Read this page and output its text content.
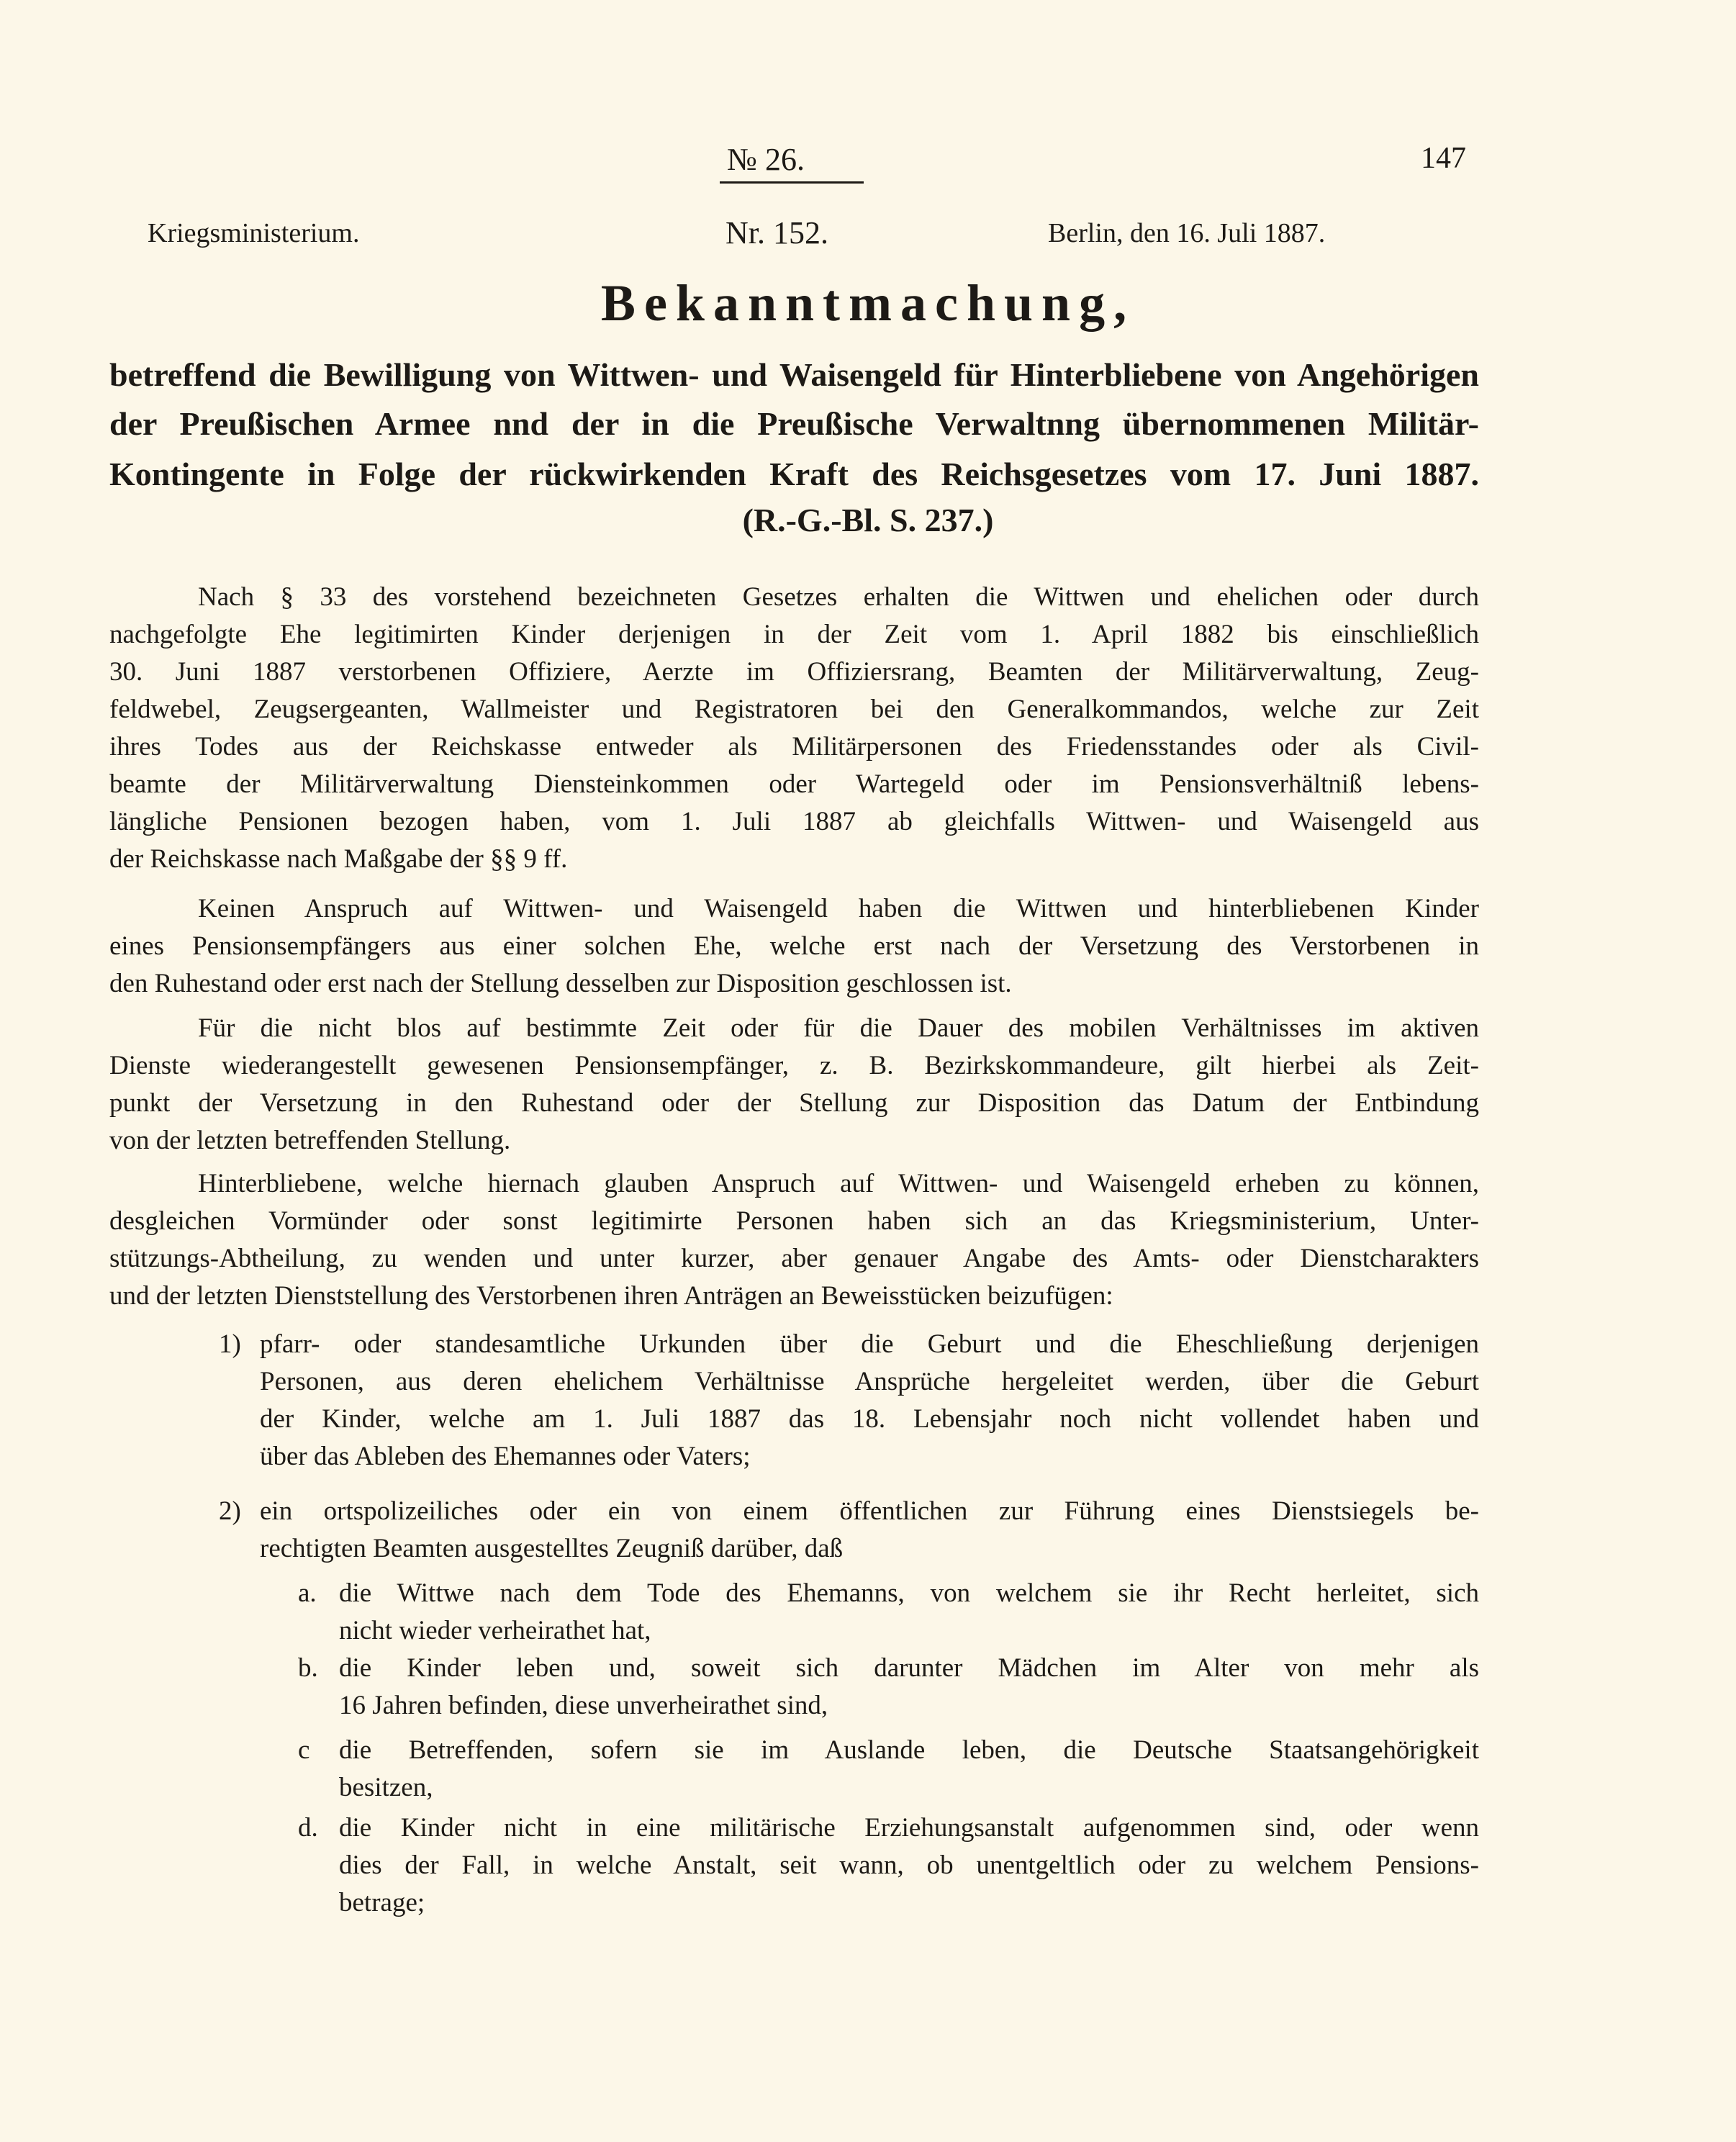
№ 26.	147
Kriegsministerium.	Nr. 152.	Berlin, den 16. Juli 1887.
Bekanntmachung,
betreffend die Bewilligung von Wittwen- und Waisengeld für Hinterbliebene von Angehörigen
der Preußischen Armee nnd der in die Preußische Verwaltnng übernommenen Militär-
Kontingente in Folge der rückwirkenden Kraft des Reichsgesetzes vom 17. Juni 1887.
(R.-G.-Bl. S. 237.)
Nach § 33 des vorstehend bezeichneten Gesetzes erhalten die Wittwen und ehelichen oder durch
nachgefolgte Ehe legitimirten Kinder derjenigen in der Zeit vom 1. April 1882 bis einschließlich
30. Juni 1887 verstorbenen Offiziere, Aerzte im Offiziersrang, Beamten der Militärverwaltung, Zeug-
feldwebel, Zeugsergeanten, Wallmeister und Registratoren bei den Generalkommandos, welche zur Zeit
ihres Todes aus der Reichskasse entweder als Militärpersonen des Friedensstandes oder als Civil-
beamte der Militärverwaltung Diensteinkommen oder Wartegeld oder im Pensionsverhältniß lebens-
längliche Pensionen bezogen haben, vom 1. Juli 1887 ab gleichfalls Wittwen- und Waisengeld aus
der Reichskasse nach Maßgabe der §§ 9 ff.
Keinen Anspruch auf Wittwen- und Waisengeld haben die Wittwen und hinterbliebenen Kinder
eines Pensionsempfängers aus einer solchen Ehe, welche erst nach der Versetzung des Verstorbenen in
den Ruhestand oder erst nach der Stellung desselben zur Disposition geschlossen ist.
Für die nicht blos auf bestimmte Zeit oder für die Dauer des mobilen Verhältnisses im aktiven
Dienste wiederangestellt gewesenen Pensionsempfänger, z. B. Bezirkskommandeure, gilt hierbei als Zeit-
punkt der Versetzung in den Ruhestand oder der Stellung zur Disposition das Datum der Entbindung
von der letzten betreffenden Stellung.
Hinterbliebene, welche hiernach glauben Anspruch auf Wittwen- und Waisengeld erheben zu können,
desgleichen Vormünder oder sonst legitimirte Personen haben sich an das Kriegsministerium, Unter-
stützungs-Abtheilung, zu wenden und unter kurzer, aber genauer Angabe des Amts- oder Dienstcharakters
und der letzten Dienststellung des Verstorbenen ihren Anträgen an Beweisstücken beizufügen:
1) pfarr- oder standesamtliche Urkunden über die Geburt und die Eheschließung derjenigen
Personen, aus deren ehelichem Verhältnisse Ansprüche hergeleitet werden, über die Geburt
der Kinder, welche am 1. Juli 1887 das 18. Lebensjahr noch nicht vollendet haben und
über das Ableben des Ehemannes oder Vaters;
2) ein ortspolizeiliches oder ein von einem öffentlichen zur Führung eines Dienstsiegels be-
rechtigten Beamten ausgestelltes Zeugniß darüber, daß
a. die Wittwe nach dem Tode des Ehemanns, von welchem sie ihr Recht herleitet, sich
nicht wieder verheirathet hat,
b. die Kinder leben und, soweit sich darunter Mädchen im Alter von mehr als
16 Jahren befinden, diese unverheirathet sind,
c die Betreffenden, sofern sie im Auslande leben, die Deutsche Staatsangehörigkeit
besitzen,
d. die Kinder nicht in eine militärische Erziehungsanstalt aufgenommen sind, oder wenn
dies der Fall, in welche Anstalt, seit wann, ob unentgeltlich oder zu welchem Pensions-
betrage;
